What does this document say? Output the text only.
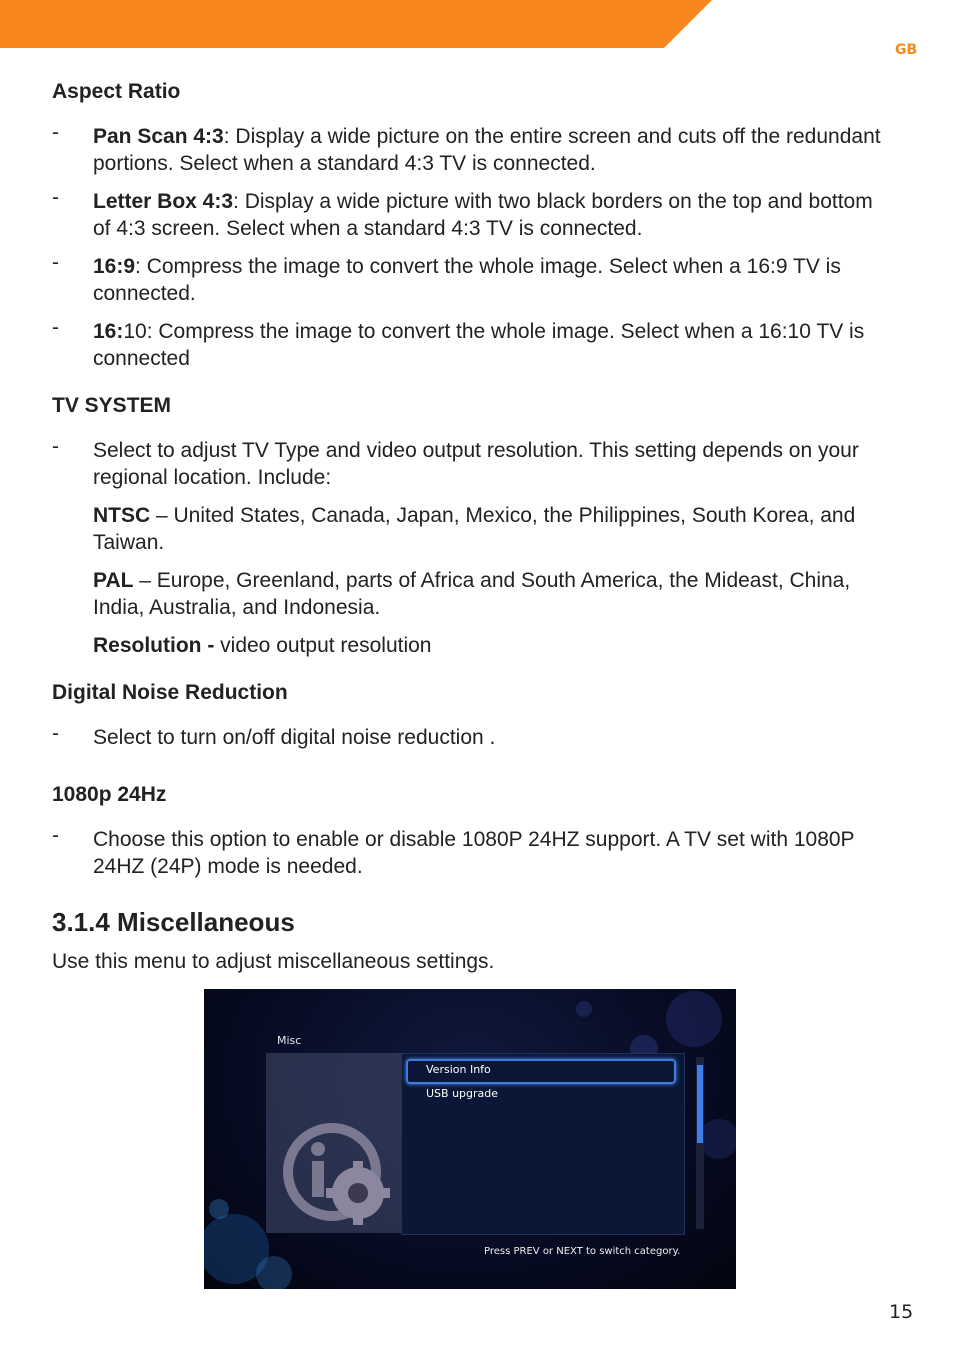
GB
Aspect Ratio
- Pan Scan 4:3: Display a wide picture on the entire screen and cuts off the redundant portions. Select when a standard 4:3 TV is connected.
- Letter Box 4:3: Display a wide picture with two black borders on the top and bottom of 4:3 screen. Select when a standard 4:3 TV is connected.
- 16:9: Compress the image to convert the whole image. Select when a 16:9 TV is connected.
- 16:10: Compress the image to convert the whole image. Select when a 16:10 TV is connected
TV SYSTEM
- Select to adjust TV Type and video output resolution. This setting depends on your regional location. Include:
NTSC – United States, Canada, Japan, Mexico, the Philippines, South Korea, and Taiwan.
PAL – Europe, Greenland, parts of Africa and South America, the Mideast, China, India, Australia, and Indonesia.
Resolution - video output resolution
Digital Noise Reduction
- Select to turn on/off digital noise reduction .
1080p 24Hz
- Choose this option to enable or disable 1080P 24HZ support. A TV set with 1080P 24HZ (24P) mode is needed.
3.1.4 Miscellaneous
Use this menu to adjust miscellaneous settings.
Misc
Version Info
USB upgrade
Press PREV or NEXT to switch category.
15
